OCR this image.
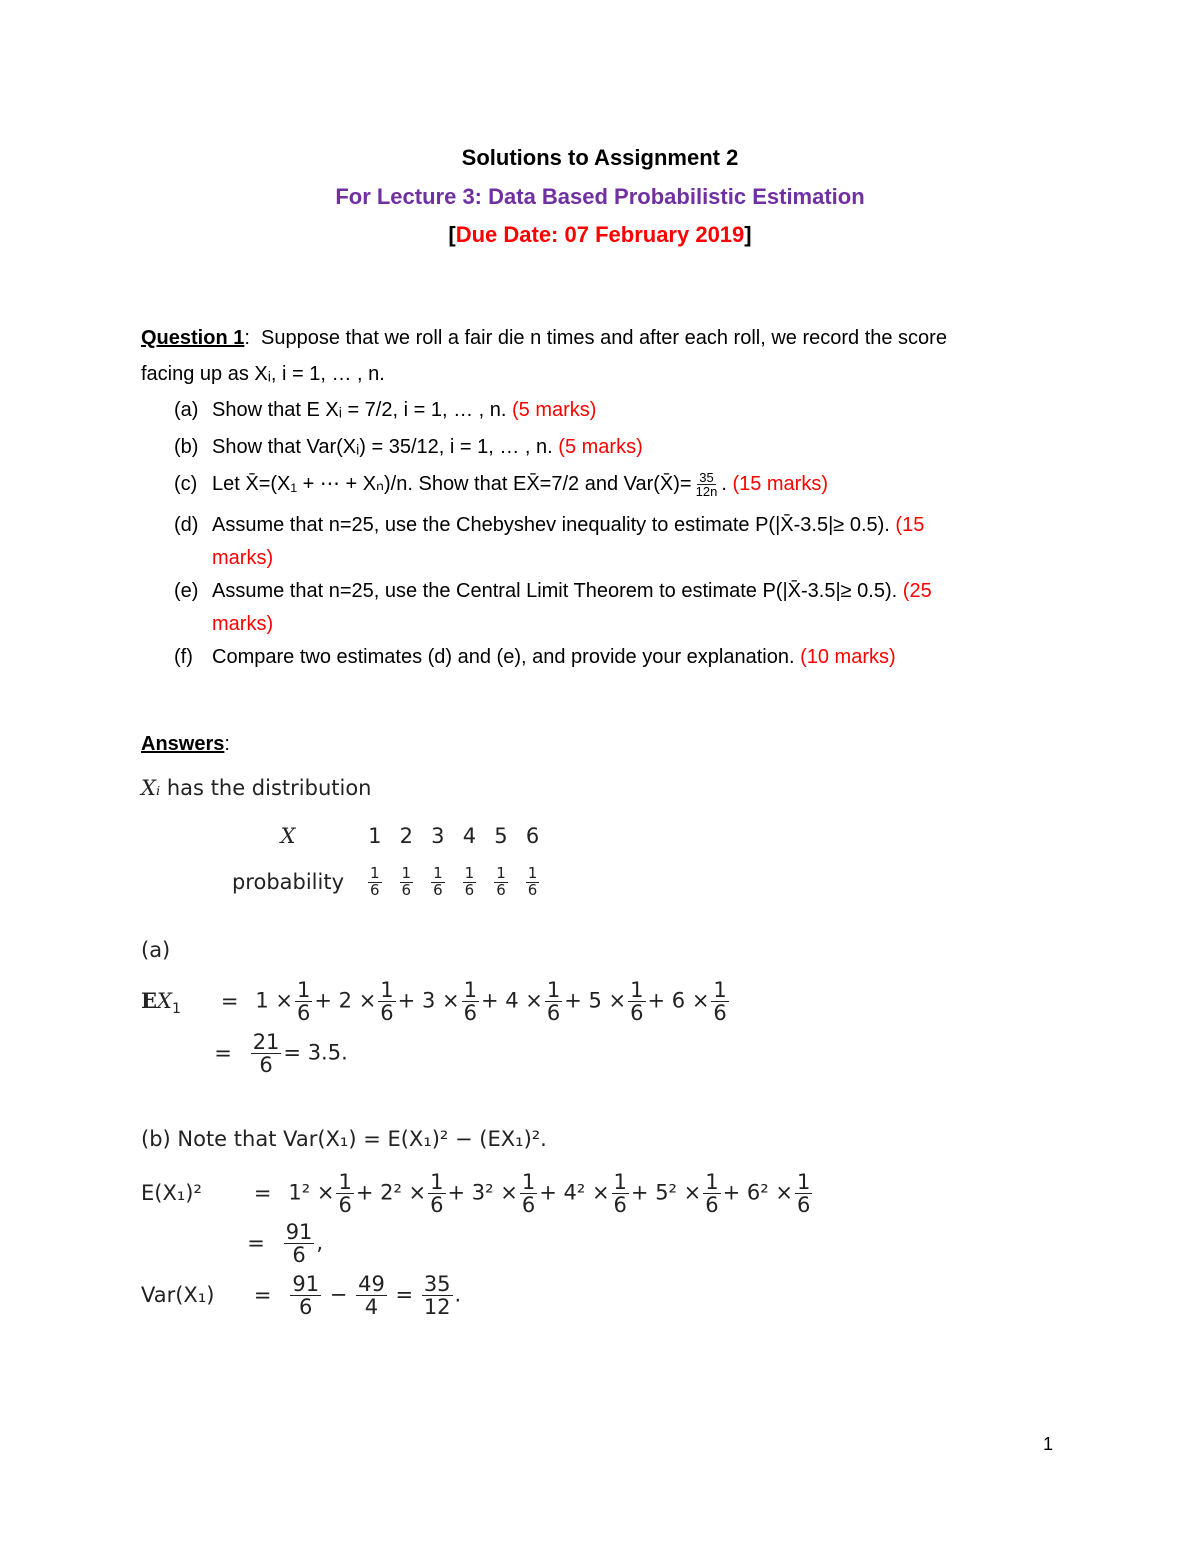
Solutions to Assignment 2
For Lecture 3: Data Based Probabilistic Estimation
[Due Date: 07 February 2019]
Question 1: Suppose that we roll a fair die n times and after each roll, we record the score
facing up as Xᵢ, i = 1, … , n.
(a) Show that E Xᵢ = 7/2, i = 1, … , n. (5 marks)
(b) Show that Var(Xᵢ) = 35/12, i = 1, … , n. (5 marks)
(c) Let X̄=(X₁ + ⋯ + Xₙ)/n. Show that EX̄=7/2 and Var(X̄)= $\frac{35}{12n}$ . (15 marks)
(d) Assume that n=25, use the Chebyshev inequality to estimate P(|X̄-3.5|≥ 0.5). (15
marks)
(e) Assume that n=25, use the Central Limit Theorem to estimate P(|X̄-3.5|≥ 0.5). (25
marks)
(f) Compare two estimates (d) and (e), and provide your explanation. (10 marks)
Answers:
Xᵢ has the distribution
X	1	2	3	4	5	6
probability	$\frac{1}{6}$	$\frac{1}{6}$	$\frac{1}{6}$	$\frac{1}{6}$	$\frac{1}{6}$	$\frac{1}{6}$
(a)
$EX_1 = 1 \times \frac{1}{6} + 2 \times \frac{1}{6} + 3 \times \frac{1}{6} + 4 \times \frac{1}{6} + 5 \times \frac{1}{6} + 6 \times \frac{1}{6}$
= $\frac{21}{6} = 3.5$.
(b) Note that Var(X₁) = E(X₁)² − (EX₁)².
$E(X_1)^2 = 1^2 \times \frac{1}{6} + 2^2 \times \frac{1}{6} + 3^2 \times \frac{1}{6} + 4^2 \times \frac{1}{6} + 5^2 \times \frac{1}{6} + 6^2 \times \frac{1}{6}$
= $\frac{91}{6}$ ,
$Var(X_1) = \frac{91}{6} - \frac{49}{4} = \frac{35}{12}$ .
1
